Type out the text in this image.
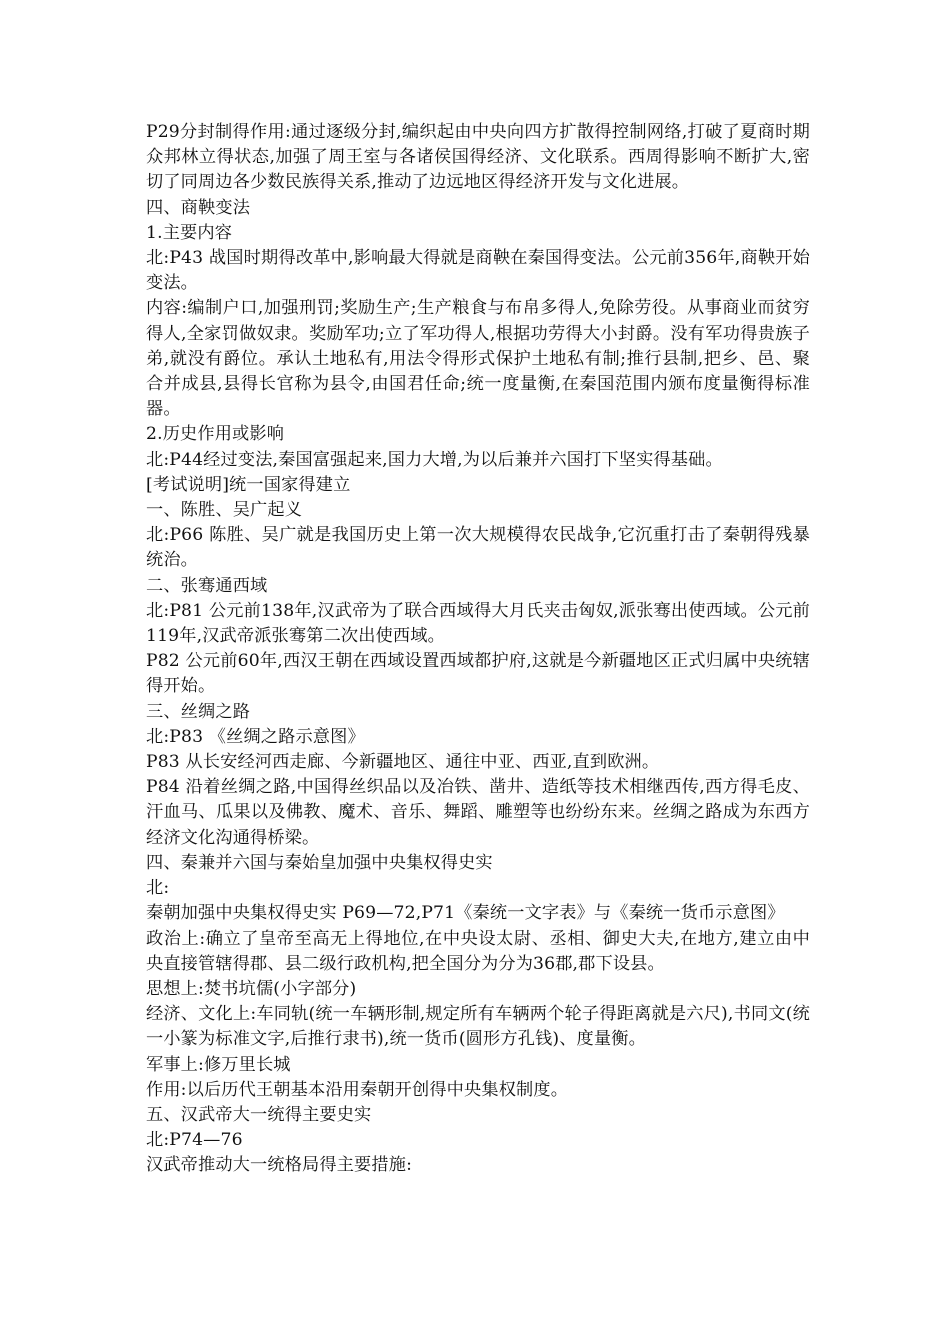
P29分封制得作用:通过逐级分封,编织起由中央向四方扩散得控制网络,打破了夏商时期众邦林立得状态,加强了周王室与各诸侯国得经济、文化联系。西周得影响不断扩大,密切了同周边各少数民族得关系,推动了边远地区得经济开发与文化进展。

四、商鞅变法

1.主要内容

北:P43 战国时期得改革中,影响最大得就是商鞅在秦国得变法。公元前356年,商鞅开始变法。

内容:编制户口,加强刑罚;奖励生产;生产粮食与布帛多得人,免除劳役。从事商业而贫穷得人,全家罚做奴隶。奖励军功;立了军功得人,根据功劳得大小封爵。没有军功得贵族子弟,就没有爵位。承认土地私有,用法令得形式保护土地私有制;推行县制,把乡、邑、聚合并成县,县得长官称为县令,由国君任命;统一度量衡,在秦国范围内颁布度量衡得标准器。

2.历史作用或影响

北:P44经过变法,秦国富强起来,国力大增,为以后兼并六国打下坚实得基础。

[考试说明]统一国家得建立

一、陈胜、吴广起义

北:P66 陈胜、吴广就是我国历史上第一次大规模得农民战争,它沉重打击了秦朝得残暴统治。

二、张骞通西域

北:P81 公元前138年,汉武帝为了联合西域得大月氏夹击匈奴,派张骞出使西域。公元前119年,汉武帝派张骞第二次出使西域。

P82 公元前60年,西汉王朝在西域设置西域都护府,这就是今新疆地区正式归属中央统辖得开始。

三、丝绸之路

北:P83 《丝绸之路示意图》

P83 从长安经河西走廊、今新疆地区、通往中亚、西亚,直到欧洲。

P84 沿着丝绸之路,中国得丝织品以及冶铁、凿井、造纸等技术相继西传,西方得毛皮、汗血马、瓜果以及佛教、魔术、音乐、舞蹈、雕塑等也纷纷东来。丝绸之路成为东西方经济文化沟通得桥梁。

四、秦兼并六国与秦始皇加强中央集权得史实

北:

秦朝加强中央集权得史实 P69—72,P71《秦统一文字表》与《秦统一货币示意图》

政治上:确立了皇帝至高无上得地位,在中央设太尉、丞相、御史大夫,在地方,建立由中央直接管辖得郡、县二级行政机构,把全国分为分为36郡,郡下设县。

思想上:焚书坑儒(小字部分)

经济、文化上:车同轨(统一车辆形制,规定所有车辆两个轮子得距离就是六尺),书同文(统一小篆为标准文字,后推行隶书),统一货币(圆形方孔钱)、度量衡。

军事上:修万里长城

作用:以后历代王朝基本沿用秦朝开创得中央集权制度。

五、汉武帝大一统得主要史实

北:P74—76

汉武帝推动大一统格局得主要措施:
